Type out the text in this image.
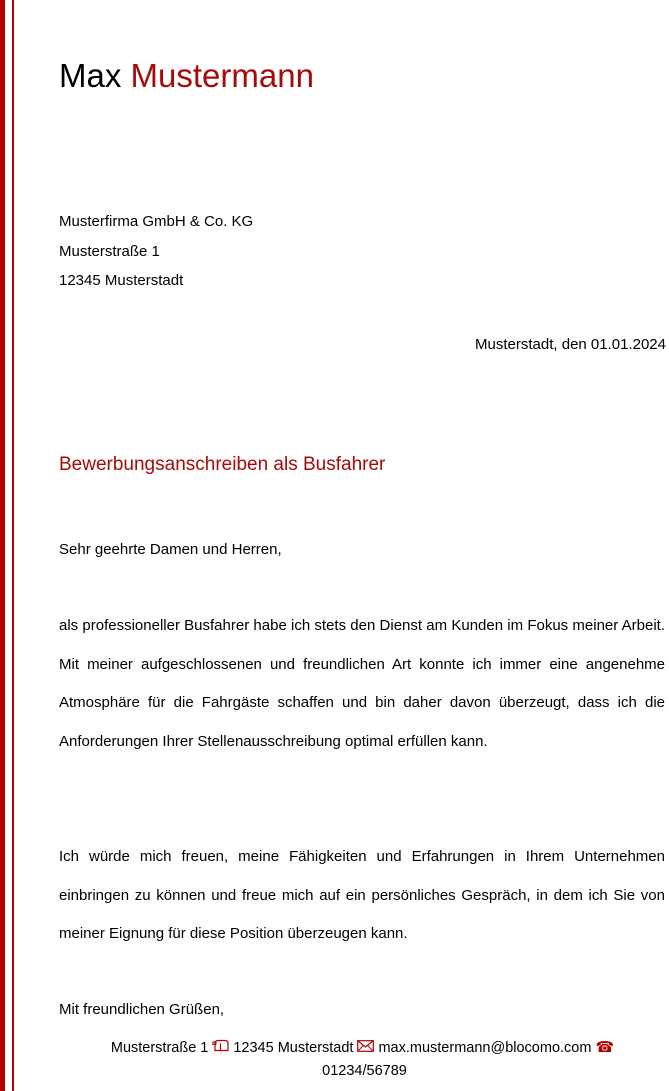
Max Mustermann
Musterfirma GmbH & Co. KG
Musterstraße 1
12345 Musterstadt
Musterstadt, den 01.01.2024
Bewerbungsanschreiben als Busfahrer
Sehr geehrte Damen und Herren,

als professioneller Busfahrer habe ich stets den Dienst am Kunden im Fokus meiner Arbeit. Mit meiner aufgeschlossenen und freundlichen Art konnte ich immer eine angenehme Atmosphäre für die Fahrgäste schaffen und bin daher davon überzeugt, dass ich die Anforderungen Ihrer Stellenausschreibung optimal erfüllen kann.

Ich würde mich freuen, meine Fähigkeiten und Erfahrungen in Ihrem Unternehmen einbringen zu können und freue mich auf ein persönliches Gespräch, in dem ich Sie von meiner Eignung für diese Position überzeugen kann.

Mit freundlichen Grüßen,
Musterstraße 1 12345 Musterstadt max.mustermann@blocomo.com ☎
01234/56789
